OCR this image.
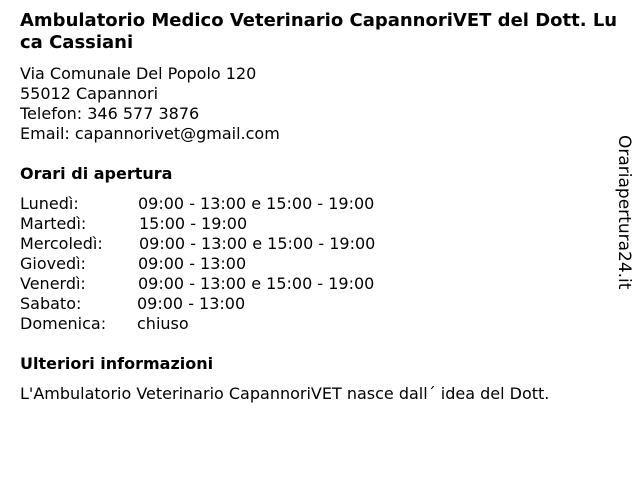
Ambulatorio Medico Veterinario CapannoriVET del Dott. Luca Cassiani
Via Comunale Del Popolo 120
55012 Capannori
Telefon: 346 577 3876
Email: capannorivet@gmail.com
Orari di apertura
Lunedì:	09:00 - 13:00 e 15:00 - 19:00
Martedì:	15:00 - 19:00
Mercoledì: 09:00 - 13:00 e 15:00 - 19:00
Giovedì:	09:00 - 13:00
Venerdì:	09:00 - 13:00 e 15:00 - 19:00
Sabato:	09:00 - 13:00
Domenica: chiuso
Ulteriori informazioni
L'Ambulatorio Veterinario CapannoriVET nasce dall´ idea del Dott.
Orariapertura24.it
